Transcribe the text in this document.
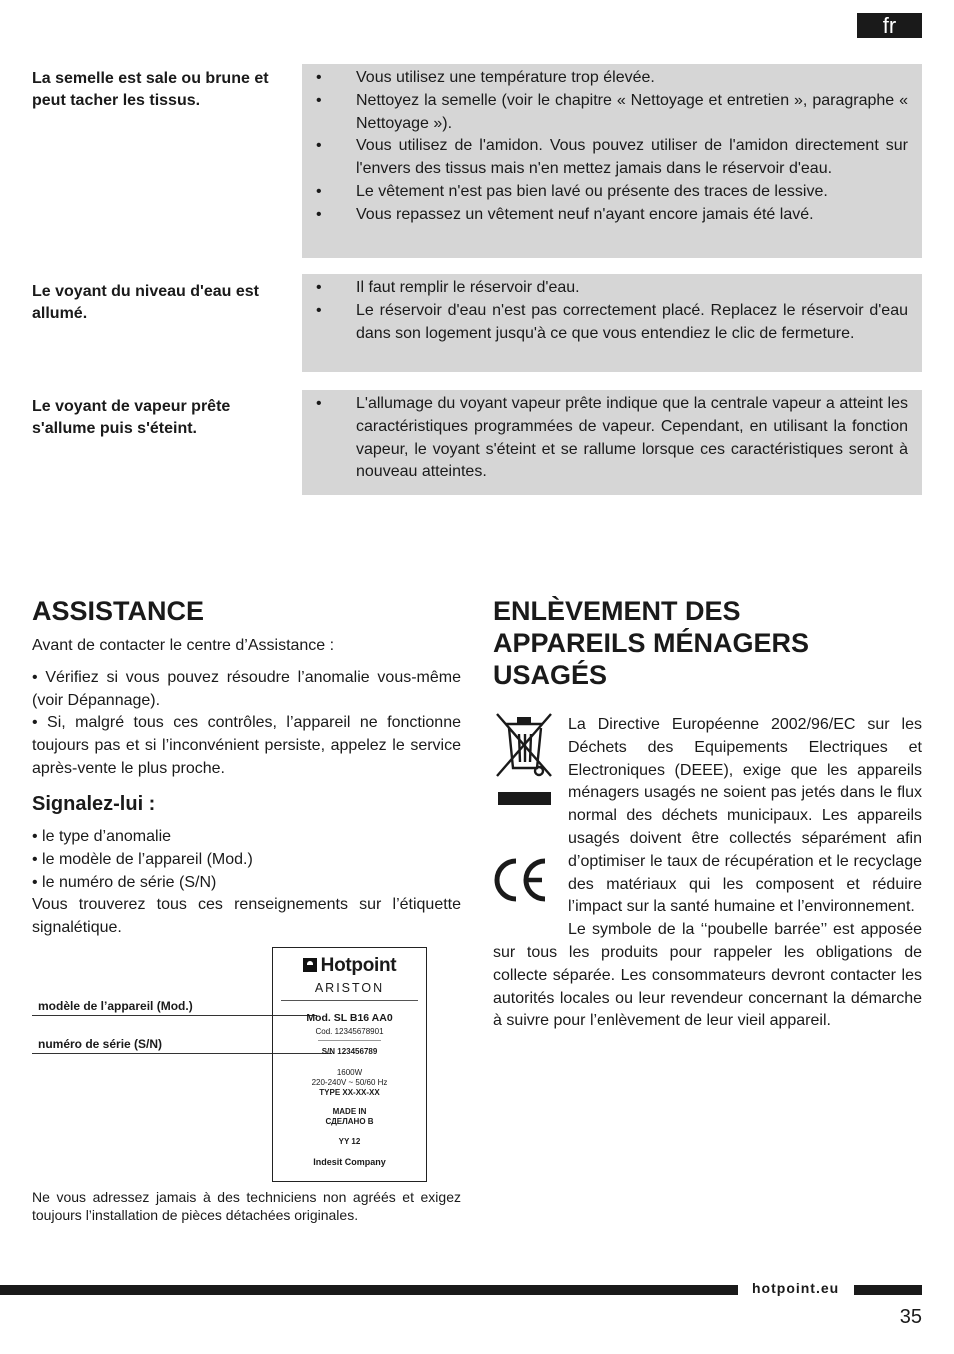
fr
La semelle est sale ou brune et peut tacher les tissus.
• Vous utilisez une température trop élevée.
• Nettoyez la semelle (voir le chapitre « Nettoyage et entretien », paragraphe « Nettoyage »).
• Vous utilisez de l'amidon. Vous pouvez utiliser de l'amidon directement sur l'envers des tissus mais n'en mettez jamais dans le réservoir d'eau.
• Le vêtement n'est pas bien lavé ou présente des traces de lessive.
• Vous repassez un vêtement neuf n'ayant encore jamais été lavé.
Le voyant du niveau d'eau est allumé.
• Il faut remplir le réservoir d'eau.
• Le réservoir d'eau n'est pas correctement placé. Replacez le réservoir d'eau dans son logement jusqu'à ce que vous entendiez le clic de fermeture.
Le voyant de vapeur prête s'allume puis s'éteint.
• L'allumage du voyant vapeur prête indique que la centrale vapeur a atteint les caractéristiques programmées de vapeur. Cependant, en utilisant la fonction vapeur, le voyant s'éteint et se rallume lorsque ces caractéristiques seront à nouveau atteintes.
ASSISTANCE

Avant de contacter le centre d’Assistance :

• Vérifiez si vous pouvez résoudre l’anomalie vous-même (voir Dépannage).

• Si, malgré tous ces contrôles, l’appareil ne fonctionne toujours pas et si l’inconvénient persiste, appelez le service après-vente le plus proche.

Signalez-lui :

• le type d’anomalie

• le modèle de l’appareil (Mod.)

• le numéro de série (S/N)

Vous trouverez tous ces renseignements sur l’étiquette signalétique.

modèle de l’appareil (Mod.)
numéro de série (S/N)
Hotpoint
ARISTON
Mod. SL B16 AA0
Cod. 12345678901
S/N 123456789
1600W
220-240V ~ 50/60 Hz
TYPE XX-XX-XX
MADE IN
СДЕЛАНО В
YY 12
Indesit Company
Ne vous adressez jamais à des techniciens non agréés et exigez toujours l’installation de pièces détachées originales.
ENLÈVEMENT DES APPAREILS MÉNAGERS USAGÉS

La Directive Européenne 2002/96/EC sur les Déchets des Equipements Electriques et Electroniques (DEEE), exige que les appareils ménagers usagés ne soient pas jetés dans le flux normal des déchets municipaux. Les appareils usagés doivent être collectés séparément afin d’optimiser le taux de récupération et le recyclage des matériaux qui les composent et réduire l’impact sur la santé humaine et l’environnement.

Le symbole de la ‘‘poubelle barrée’’ est apposée sur tous les produits pour rappeler les obligations de collecte séparée. Les consommateurs devront contacter les autorités locales ou leur revendeur concernant la démarche à suivre pour l’enlèvement de leur vieil appareil.

hotpoint.eu
35
